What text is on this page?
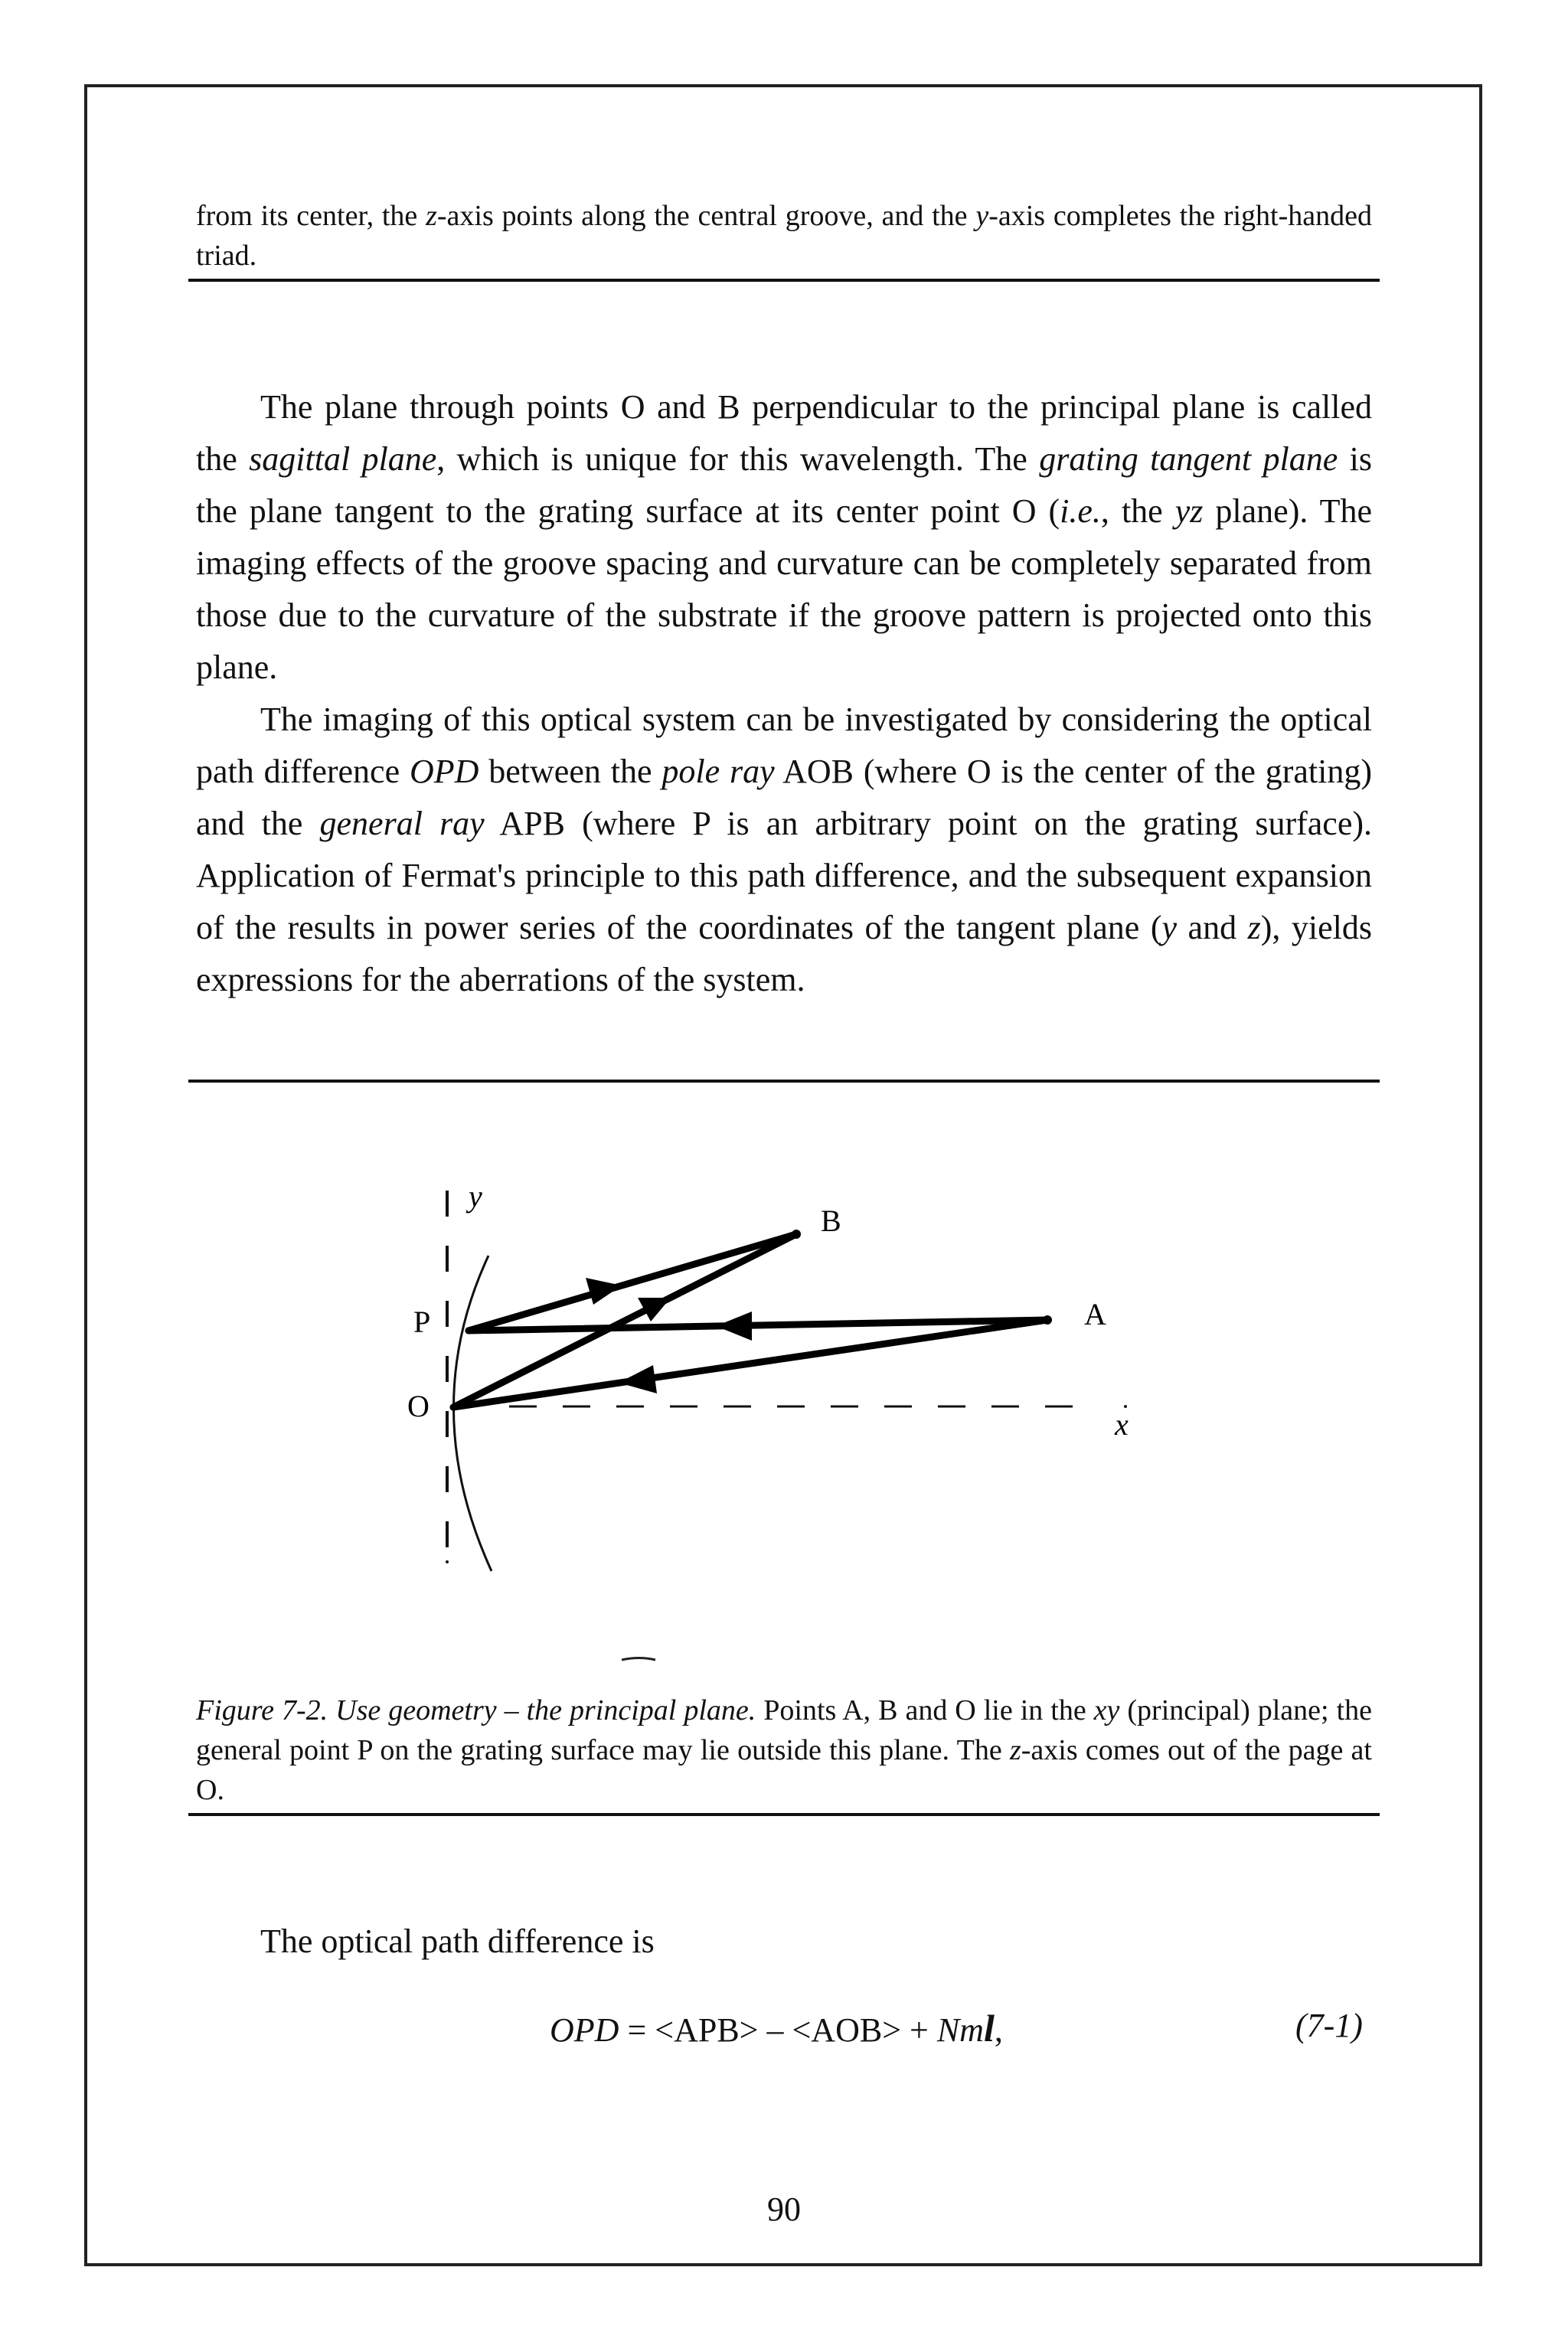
from its center, the z-axis points along the central groove, and the y-axis completes the right-handed triad.

The plane through points O and B perpendicular to the principal plane is called the sagittal plane, which is unique for this wavelength. The grating tangent plane is the plane tangent to the grating surface at its center point O (i.e., the yz plane). The imaging effects of the groove spacing and curvature can be completely separated from those due to the curvature of the substrate if the groove pattern is projected onto this plane.

The imaging of this optical system can be investigated by considering the optical path difference OPD between the pole ray AOB (where O is the center of the grating) and the general ray APB (where P is an arbitrary point on the grating surface). Application of Fermat's principle to this path difference, and the subsequent expansion of the results in power series of the coordinates of the tangent plane (y and z), yields expressions for the aberrations of the system.

y
B
P	A
O
x
Figure 7-2. Use geometry – the principal plane. Points A, B and O lie in the xy (principal) plane; the general point P on the grating surface may lie outside this plane. The z-axis comes out of the page at O.

The optical path difference is

OPD = <APB> – <AOB> + Nml,	(7-1)
90
